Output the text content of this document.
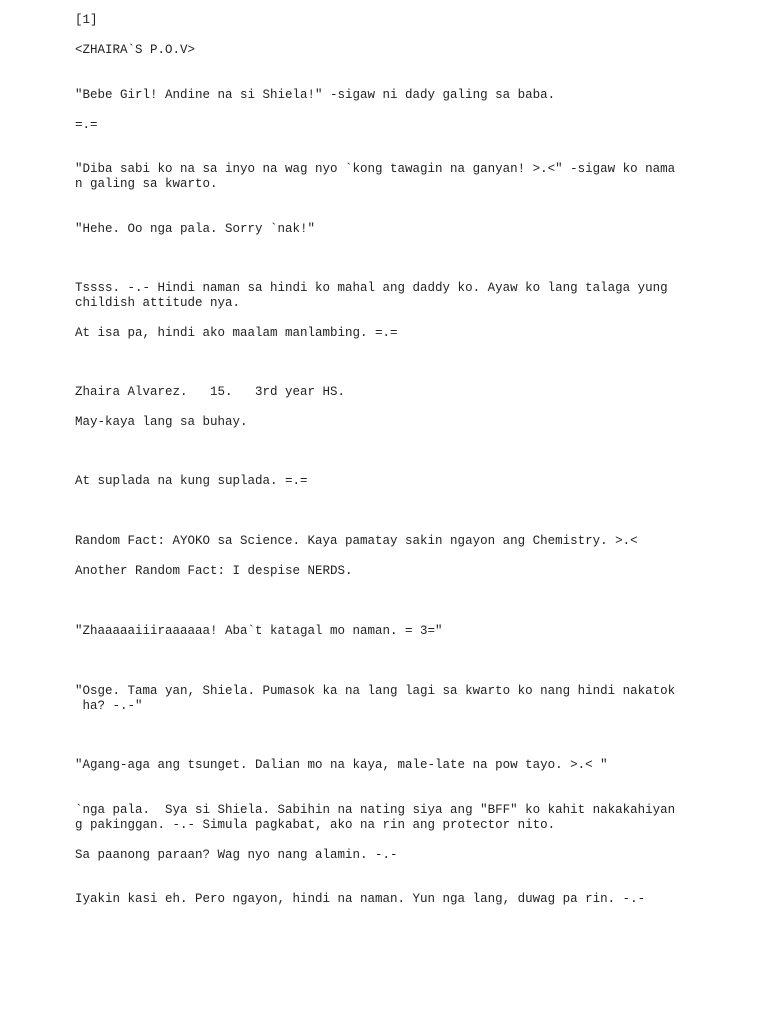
[1]

<ZHAIRA`S P.O.V>

"Bebe Girl! Andine na si Shiela!" -sigaw ni dady galing sa baba.

=.=

"Diba sabi ko na sa inyo na wag nyo `kong tawagin na ganyan! >.<" -sigaw ko nama

n galing sa kwarto.

"Hehe. Oo nga pala. Sorry `nak!"

Tssss. -.- Hindi naman sa hindi ko mahal ang daddy ko. Ayaw ko lang talaga yung

childish attitude nya.

At isa pa, hindi ako maalam manlambing. =.=

Zhaira Alvarez.   15.   3rd year HS.

May-kaya lang sa buhay.

At suplada na kung suplada. =.=

Random Fact: AYOKO sa Science. Kaya pamatay sakin ngayon ang Chemistry. >.<

Another Random Fact: I despise NERDS.

"Zhaaaaaiiiraaaaaa! Aba`t katagal mo naman. = 3="

"Osge. Tama yan, Shiela. Pumasok ka na lang lagi sa kwarto ko nang hindi nakatok

ha? -.-"

"Agang-aga ang tsunget. Dalian mo na kaya, male-late na pow tayo. >.< "

`nga pala.  Sya si Shiela. Sabihin na nating siya ang "BFF" ko kahit nakakahiyan

g pakinggan. -.- Simula pagkabat, ako na rin ang protector nito.

Sa paanong paraan? Wag nyo nang alamin. -.-

Iyakin kasi eh. Pero ngayon, hindi na naman. Yun nga lang, duwag pa rin. -.-
